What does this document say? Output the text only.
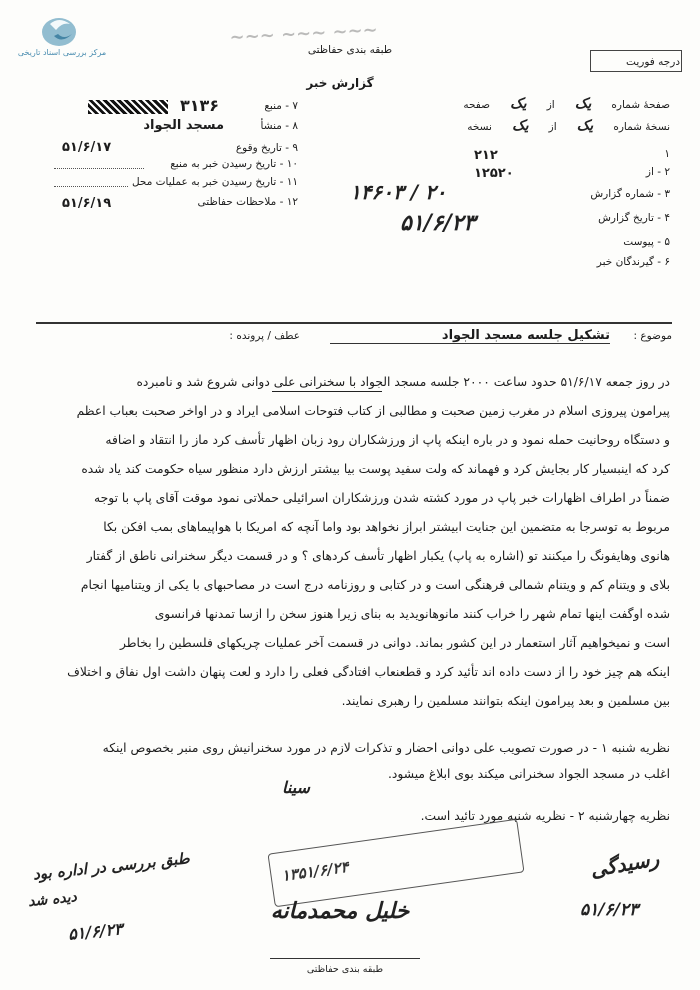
مرکز بررسی اسناد تاریخی
~~~ ~~~ ~~~
طبقه بندی حفاظتی
گزارش خبر
درجه فوریت
۳۱۳۶	۷ - منبع
مسجد الجواد	۸ - منشأ
۵۱/۶/۱۷	۹ - تاریخ وقوع
۱۰ - تاریخ رسیدن خبر به منبع
۱۱ - تاریخ رسیدن خبر به عملیات محل
۵۱/۶/۱۹	۱۲ - ملاحظات حفاظتی
صفحهٔ شماره یک از یک صفحه
نسخهٔ شماره یک از یک نسخه
۲۱۲	۱
۱۲۵۲۰	۲ - از
۱۴۶۰۳ / ۲۰	۳ - شماره گزارش
۵۱/۶/۲۳	۴ - تاریخ گزارش
۵ - پیوست
۶ - گیرندگان خبر
موضوع :
تشکیل جلسه مسجد الجواد
عطف / پرونده :
در روز جمعه ۵۱/۶/۱۷ حدود ساعت ۲۰۰۰ جلسه مسجد الجواد با سخنرانی علی دوانی شروع شد و نامبرده
پیرامون پیروزی اسلام در مغرب زمین صحبت و مطالبی از کتاب فتوحات اسلامی ایراد و در اواخر صحبت بعباب اعظم
و دستگاه روحانیت حمله نمود و در باره اینکه پاپ از ورزشکاران رود زبان اظهار تأسف کرد ماز را انتقاد و اضافه
کرد که اینبسیار کار بجایش کرد و فهماند که ولت سفید پوست بیا بیشتر ارزش دارد منظور سیاه حکومت کند یاد شده
ضمناً در اطراف اظهارات خبر پاپ در مورد کشته شدن ورزشکاران اسرائیلی حملاتی نمود موقت آقای پاپ با توجه
مربوط به توسرجا به متضمین این جنایت ابیشتر ابراز نخواهد بود واما آنچه که امریکا با هواپیماهای بمب افکن بکا
هانوی وهایفونگ را میکنند تو (اشاره به پاپ) یکبار اظهار تأسف کردهای ؟ و در قسمت دیگر سخنرانی ناطق از گفتار
بلای و ویتنام کم و ویتنام شمالی فرهنگی است و در کتابی و روزنامه درج است در مصاحبهای با یکی از ویتنامیها انجام
شده اوگفت اینها تمام شهر را خراب کنند مانوهانویدید به بنای زیرا هنوز سخن را ازسا تمدنها فرانسوی
است و نمیخواهیم آثار استعمار در این کشور بماند. دوانی در قسمت آخر عملیات چریکهای فلسطین را بخاطر
اینکه هم چیز خود را از دست داده اند تأئید کرد و قطعنعاب افتادگی فعلی را دارد و لعت پنهان داشت اول نفاق و اختلاف
بین مسلمین و بعد پیرامون اینکه بتوانند مسلمین را رهبری نمایند.
نظریه شنبه ۱ - در صورت تصویب علی دوانی احضار و تذکرات لازم در مورد سخنرانیش روی منبر بخصوص اینکه
اغلب در مسجد الجواد سخنرانی میکند بوی ابلاغ میشود.
سینا
نظریه چهارشنبه ۲ - نظریه شنبه مورد تائید است.
طبق بررسی در اداره بود
دیده شد
۵۱/۶/۲۳
۱۳۵۱/۶/۲۴
خلیل محمدمانه
رسیدگی
۵۱/۶/۲۳
طبقه بندی حفاظتی
